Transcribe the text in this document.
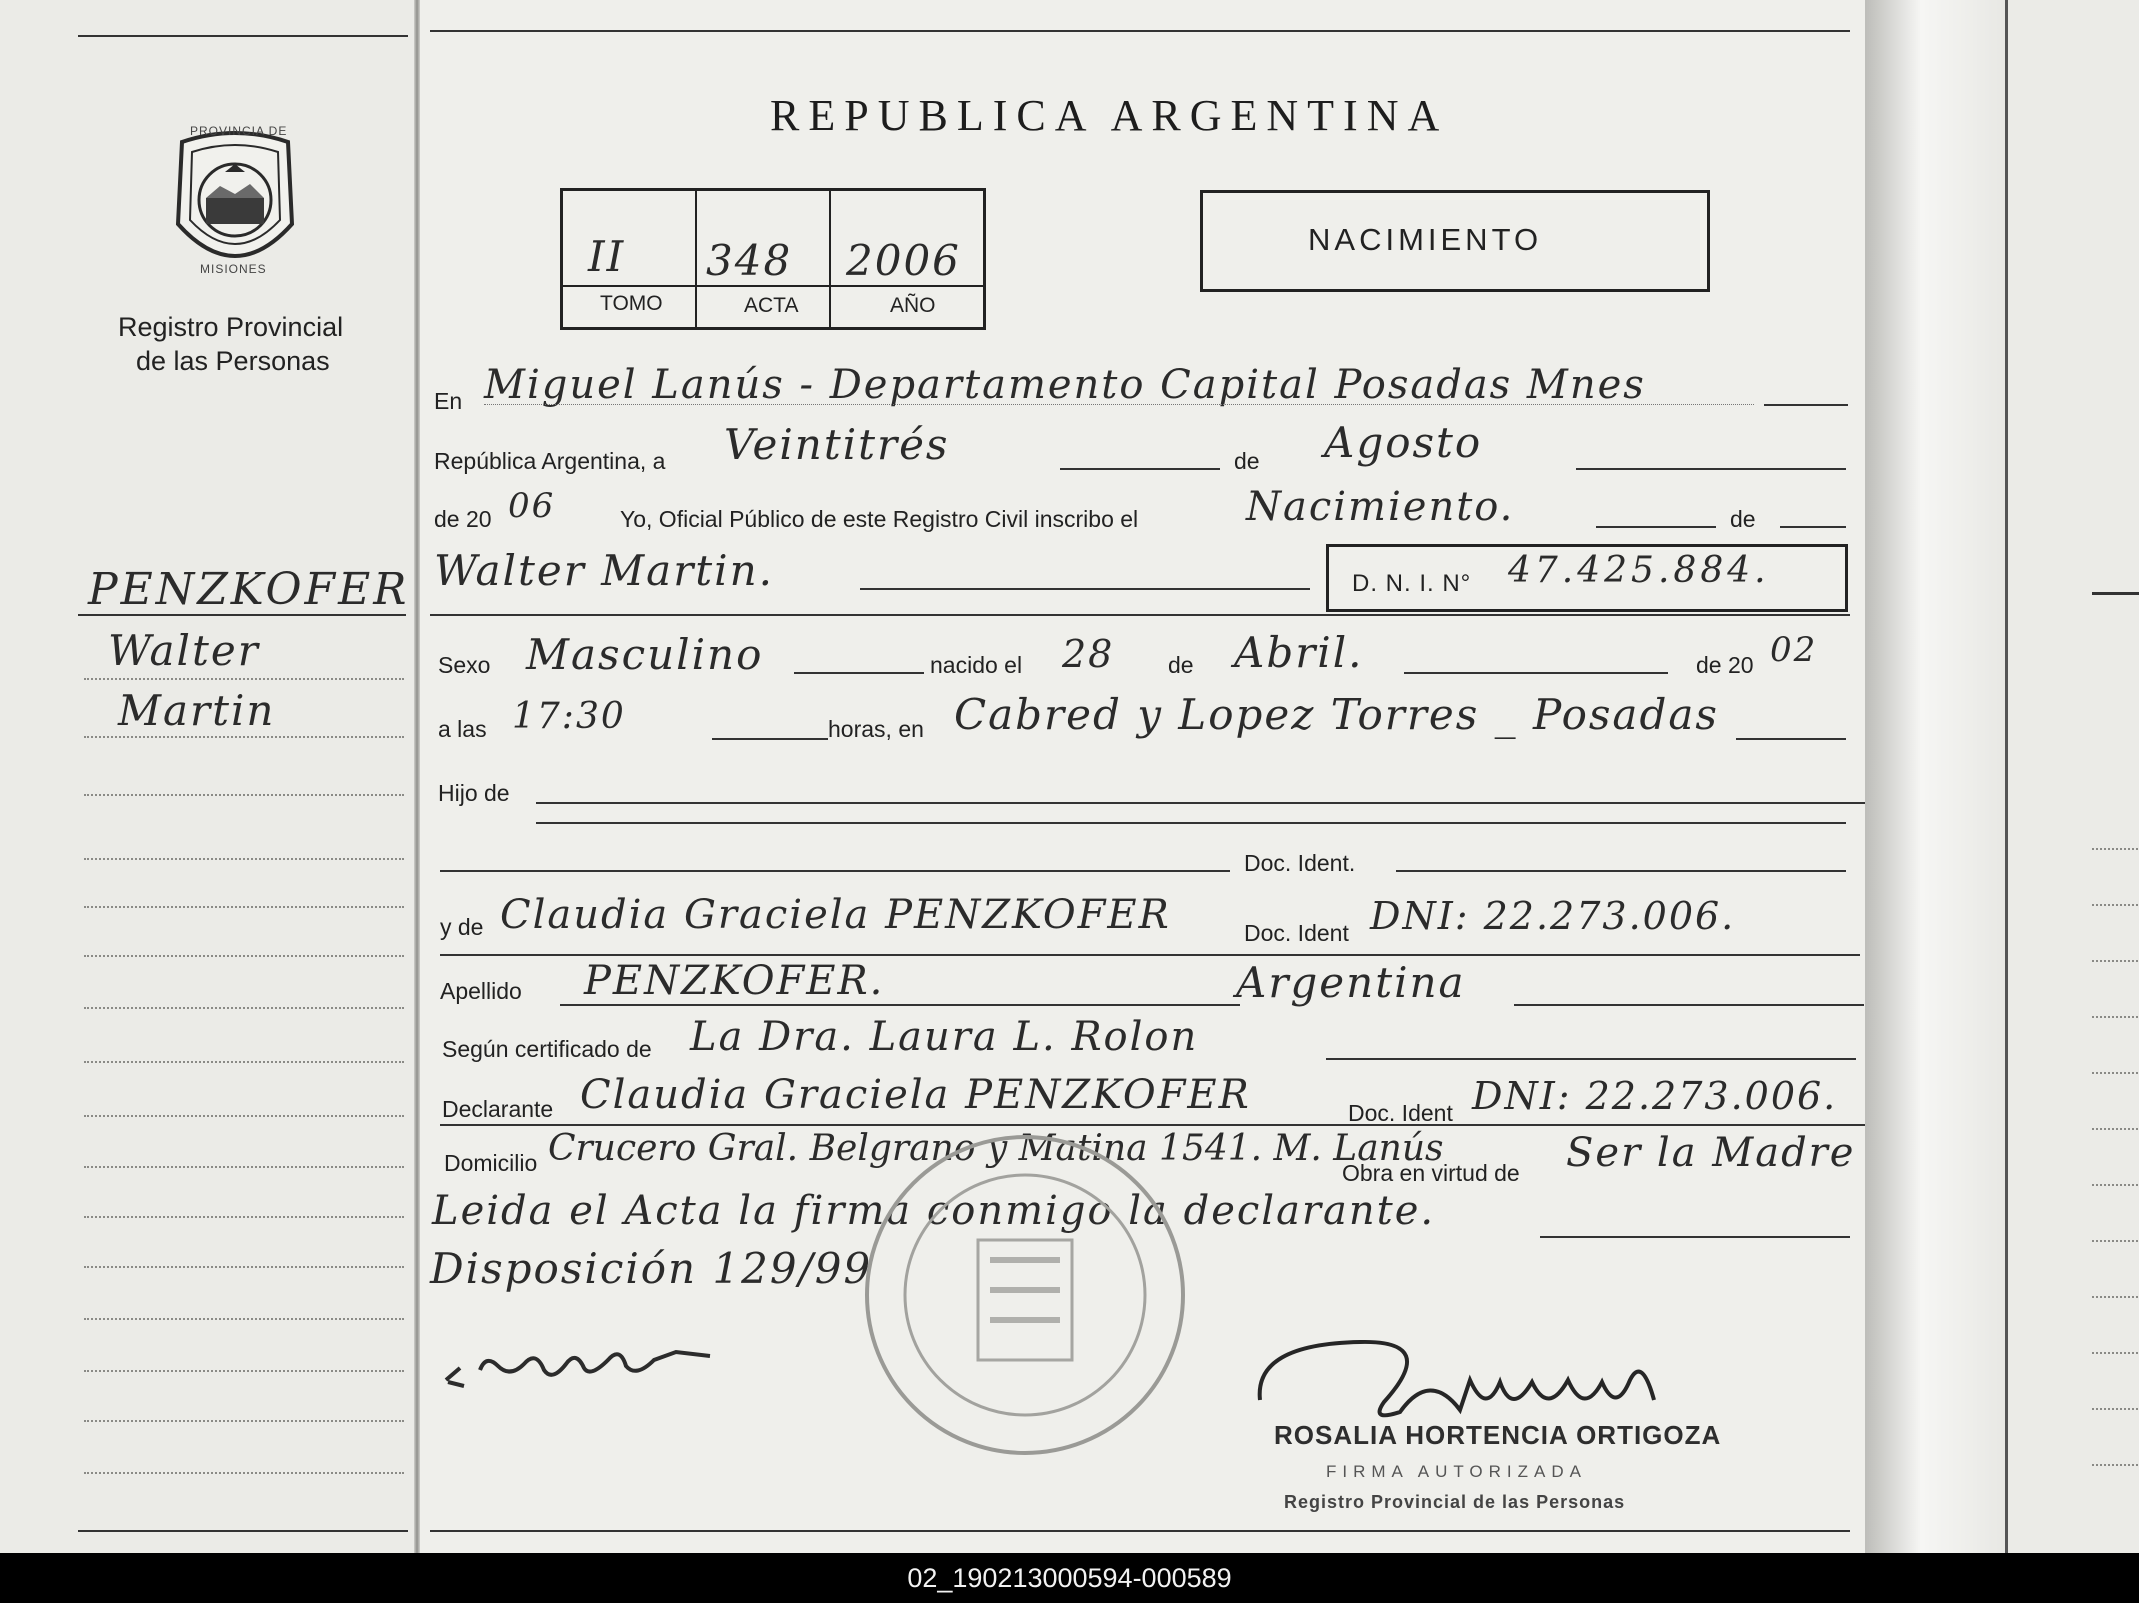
PROVINCIA DE
MISIONES
Registro Provincial
de las Personas
PENZKOFER
Walter
Martin
REPUBLICA ARGENTINA
II 348 2006
TOMO	ACTA	AÑO
NACIMIENTO
En Miguel Lanús - Departamento Capital Posadas Mnes
República Argentina, a Veintitrés	de Agosto
de 20 06	Yo, Oficial Público de este Registro Civil inscribo el	Nacimiento.	de
Walter Martin.	D. N. I. N° 47.425.884.
Sexo Masculino	nacido el 28 de Abril.	de 20 02
a las 17:30	horas, en Cabred y Lopez Torres _ Posadas
Hijo de
Doc. Ident.
y de Claudia Graciela PENZKOFER	Doc. Ident DNI: 22.273.006.
Apellido PENZKOFER.	Argentina
Según certificado de La Dra. Laura L. Rolon
Declarante Claudia Graciela PENZKOFER	Doc. Ident DNI: 22.273.006.
Domicilio Crucero Gral. Belgrano y Matina 1541. M. Lanús
Obra en virtud de Ser la Madre
Leida el Acta la firma conmigo la declarante.
Disposición 129/99
ROSALIA HORTENCIA ORTIGOZA
FIRMA AUTORIZADA
Registro Provincial de las Personas
02_190213000594-000589
